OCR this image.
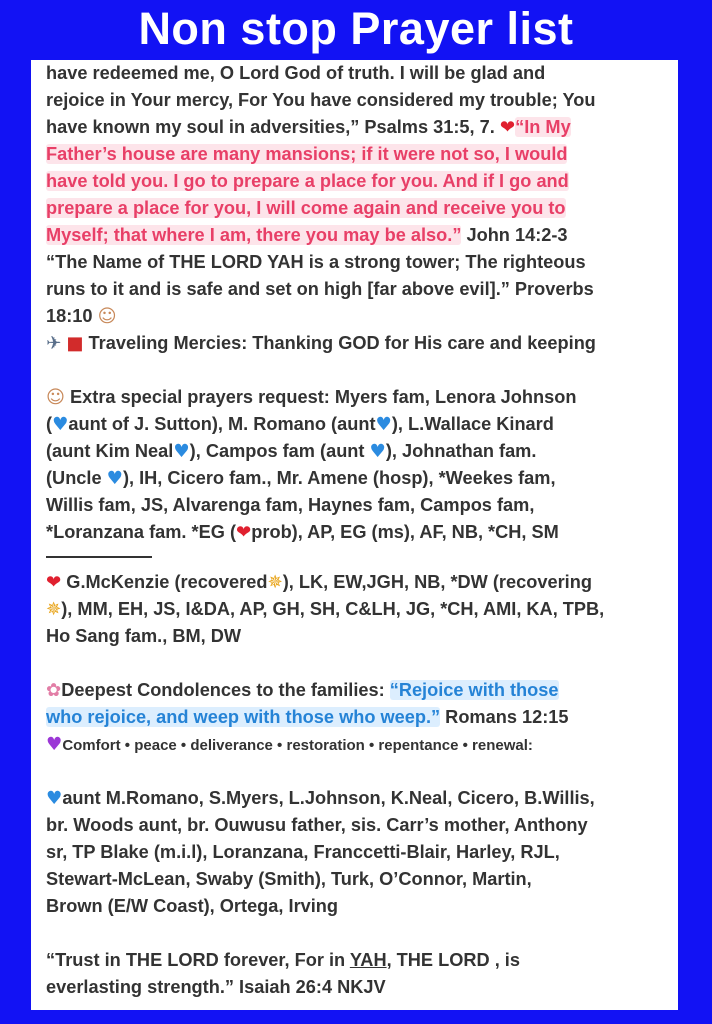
Non stop Prayer list
have redeemed me, O Lord God of truth. I will be glad and
rejoice in Your mercy, For You have considered my trouble; You
have known my soul in adversities,” Psalms 31:5, 7. ❤“In My
Father’s house are many mansions; if it were not so, I would
have told you. I go to prepare a place for you. And if I go and
prepare a place for you, I will come again and receive you to
Myself; that where I am, there you may be also.” John 14:2-3
“The Name of THE LORD YAH is a strong tower; The righteous
runs to it and is safe and set on high [far above evil].” Proverbs
18:10 ☺
✈ ■ Traveling Mercies: Thanking GOD for His care and keeping
☺ Extra special prayers request: Myers fam, Lenora Johnson
(♥aunt of J. Sutton), M. Romano (aunt♥), L.Wallace Kinard
(aunt Kim Neal♥), Campos fam (aunt ♥), Johnathan fam.
(Uncle ♥), IH, Cicero fam., Mr. Amene (hosp), *Weekes fam,
Willis fam, JS, Alvarenga fam, Haynes fam, Campos fam,
*Loranzana fam. *EG (❤prob), AP, EG (ms), AF, NB, *CH, SM
❤ G.McKenzie (recovered✵), LK, EW,JGH, NB, *DW (recovering
✵), MM, EH, JS, I&DA, AP, GH, SH, C&LH, JG, *CH, AMI, KA, TPB,
Ho Sang fam., BM, DW
✿Deepest Condolences to the families: “Rejoice with those
who rejoice, and weep with those who weep.” Romans 12:15
♥Comfort • peace • deliverance • restoration • repentance • renewal:
♥aunt M.Romano, S.Myers, L.Johnson, K.Neal, Cicero, B.Willis,
br. Woods aunt, br. Ouwusu father, sis. Carr’s mother, Anthony
sr, TP Blake (m.i.l), Loranzana, Franccetti-Blair, Harley, RJL,
Stewart-McLean, Swaby (Smith), Turk, O’Connor, Martin,
Brown (E/W Coast), Ortega, Irving
“Trust in THE LORD forever, For in YAH, THE LORD , is
everlasting strength.” Isaiah 26:4 NKJV
